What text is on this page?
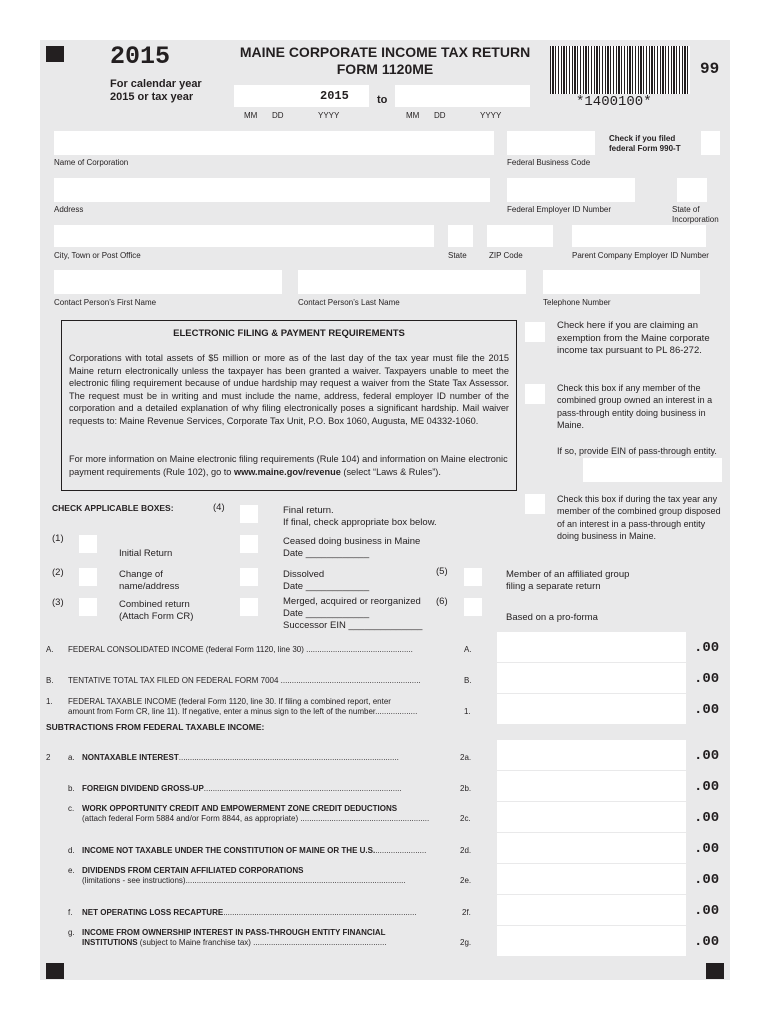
2015
For calendar year
2015 or tax year
MAINE CORPORATE INCOME TAX RETURN
FORM 1120ME	99
*1400100*
2015	to
MM DD	YYYY	MM DD	YYYY
Check if you filed federal Form 990-T
Name of Corporation	Federal Business Code
Address	Federal Employer ID Number	State of Incorporation
City, Town or Post Office	State	ZIP Code	Parent Company Employer ID Number
Contact Person’s First Name	Contact Person’s Last Name	Telephone Number
ELECTRONIC FILING & PAYMENT REQUIREMENTS

Corporations with total assets of $5 million or more as of the last day of the tax year must file the 2015 Maine return electronically unless the taxpayer has been granted a waiver. Taxpayers unable to meet the electronic filing requirement because of undue hardship may request a waiver from the State Tax Assessor. The request must be in writing and must include the name, address, federal employer ID number of the corporation and a detailed explanation of why filing electronically poses a significant hardship. Mail waiver requests to: Maine Revenue Services, Corporate Tax Unit, P.O. Box 1060, Augusta, ME 04332-1060.

For more information on Maine electronic filing requirements (Rule 104) and information on Maine electronic payment requirements (Rule 102), go to www.maine.gov/revenue (select “Laws & Rules”).

Check here if you are claiming an exemption from the Maine corporate income tax pursuant to PL 86-272.
Check this box if any member of the combined group owned an interest in a pass-through entity doing business in Maine.
If so, provide EIN of pass-through entity.
Check this box if during the tax year any member of the combined group disposed of an interest in a pass-through entity doing business in Maine.
CHECK APPLICABLE BOXES:	(4)	Final return.
If final, check appropriate box below.
(1)
Initial Return
Ceased doing business in Maine
Date ____________
(2)	Change of
name/address
Dissolved
Date ____________
(5)	Member of an affiliated group
filing a separate return
(3)	Combined return
(Attach Form CR)
Merged, acquired or reorganized
Date ____________
Successor EIN ______________
(6)
Based on a pro-forma
A. FEDERAL CONSOLIDATED INCOME (federal Form 1120, line 30) ................................................	A.	.00
B. TENTATIVE TOTAL TAX FILED ON FEDERAL FORM 7004 ...............................................................	B.	.00
1. FEDERAL TAXABLE INCOME (federal Form 1120, line 30. If filing a combined report, enter
amount from Form CR, line 11). If negative, enter a minus sign to the left of the number...................	1.	.00
SUBTRACTIONS FROM FEDERAL TAXABLE INCOME:
2 a. NONTAXABLE INTEREST...................................................................................................	2a.	.00
b. FOREIGN DIVIDEND GROSS-UP.........................................................................................	2b.	.00
c. WORK OPPORTUNITY CREDIT AND EMPOWERMENT ZONE CREDIT DEDUCTIONS
(attach federal Form 5884 and/or Form 8844, as appropriate) ..........................................................	2c.	.00
d. INCOME NOT TAXABLE UNDER THE CONSTITUTION OF MAINE OR THE U.S........................	2d.	.00
e. DIVIDENDS FROM CERTAIN AFFILIATED CORPORATIONS
(limitations - see instructions)...................................................................................................	2e.	.00
f. NET OPERATING LOSS RECAPTURE.......................................................................................	2f.	.00
g. INCOME FROM OWNERSHIP INTEREST IN PASS-THROUGH ENTITY FINANCIAL
INSTITUTIONS (subject to Maine franchise tax) ............................................................	2g.	.00
